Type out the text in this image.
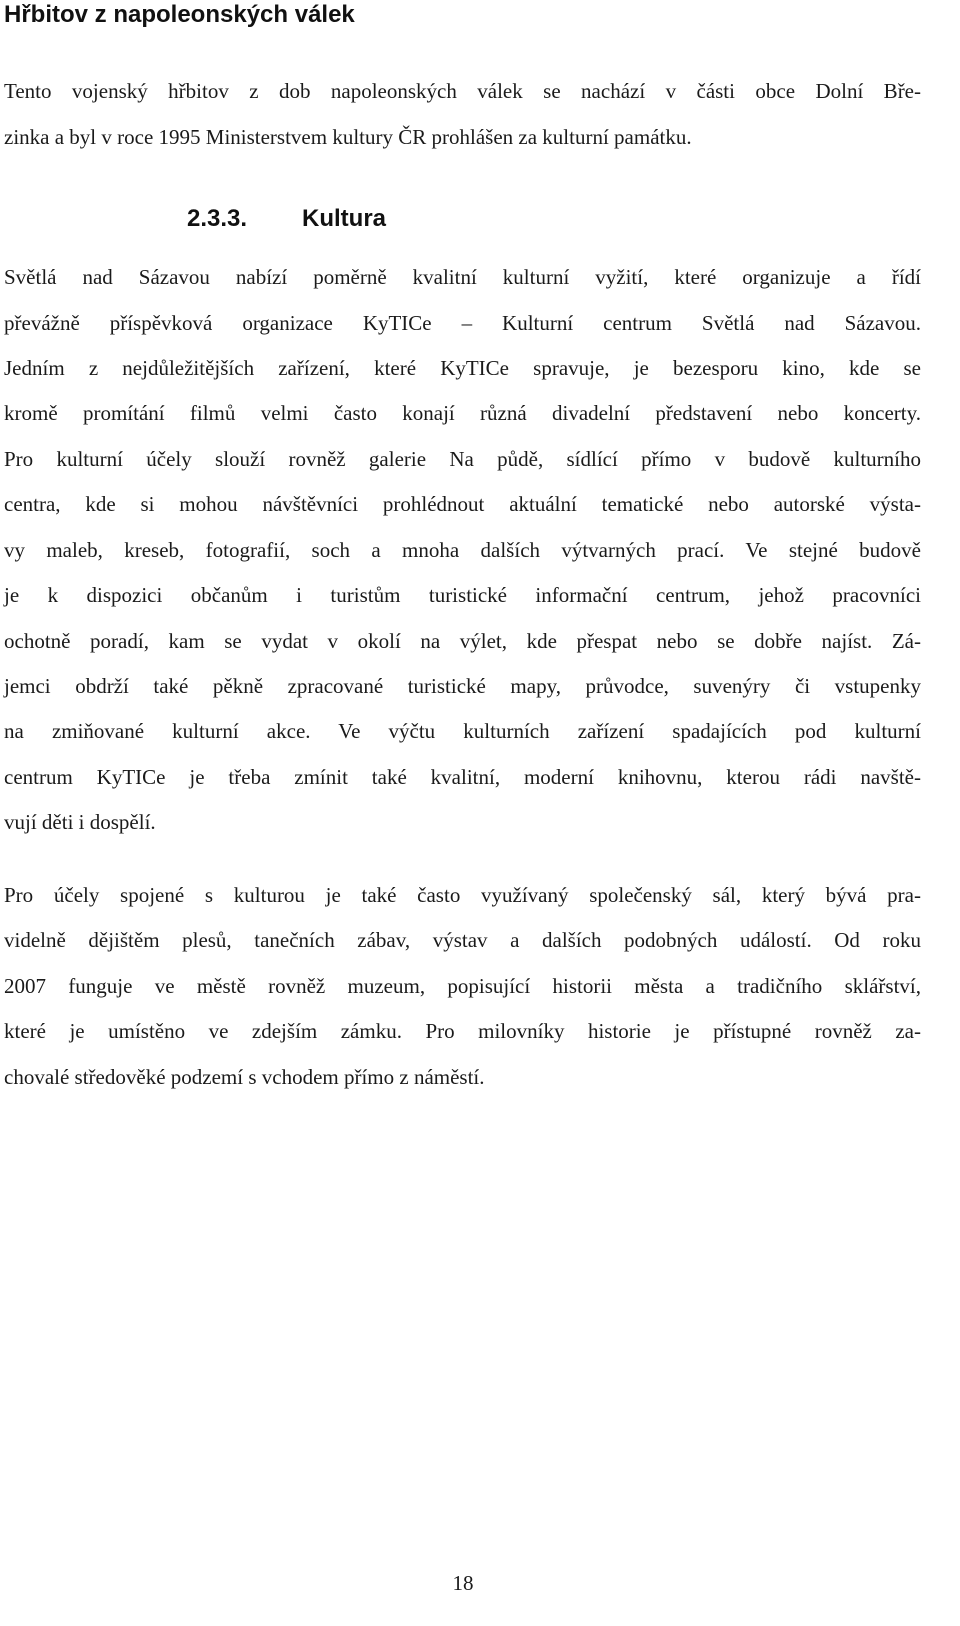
Hřbitov z napoleonských válek

Tento vojenský hřbitov z dob napoleonských válek se nachází v části obce Dolní Bře-

zinka a byl v roce 1995 Ministerstvem kultury ČR prohlášen za kulturní památku.

2.3.3. Kultura

Světlá nad Sázavou nabízí poměrně kvalitní kulturní vyžití, které organizuje a řídí

převážně příspěvková organizace KyTICe – Kulturní centrum Světlá nad Sázavou.

Jedním z nejdůležitějších zařízení, které KyTICe spravuje, je bezesporu kino, kde se

kromě promítání filmů velmi často konají různá divadelní představení nebo koncerty.

Pro kulturní účely slouží rovněž galerie Na půdě, sídlící přímo v budově kulturního

centra, kde si mohou návštěvníci prohlédnout aktuální tematické nebo autorské výsta-

vy maleb, kreseb, fotografií, soch a mnoha dalších výtvarných prací. Ve stejné budově

je k dispozici občanům i turistům turistické informační centrum, jehož pracovníci

ochotně poradí, kam se vydat v okolí na výlet, kde přespat nebo se dobře najíst. Zá-

jemci obdrží také pěkně zpracované turistické mapy, průvodce, suvenýry či vstupenky

na zmiňované kulturní akce. Ve výčtu kulturních zařízení spadajících pod kulturní

centrum KyTICe je třeba zmínit také kvalitní, moderní knihovnu, kterou rádi navště-

vují děti i dospělí.

Pro účely spojené s kulturou je také často využívaný společenský sál, který bývá pra-

videlně dějištěm plesů, tanečních zábav, výstav a dalších podobných událostí. Od roku

2007 funguje ve městě rovněž muzeum, popisující historii města a tradičního sklářství,

které je umístěno ve zdejším zámku. Pro milovníky historie je přístupné rovněž za-

chovalé středověké podzemí s vchodem přímo z náměstí.

18
